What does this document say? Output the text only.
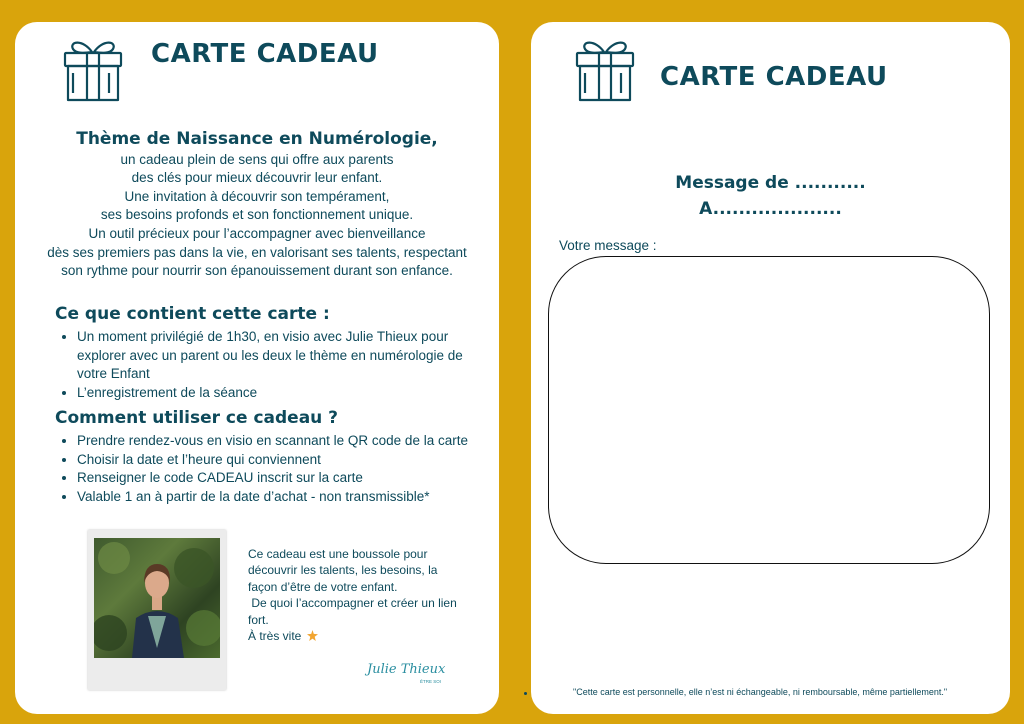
CARTE CADEAU
Thème de Naissance en Numérologie,
un cadeau plein de sens qui offre aux parents
des clés pour mieux découvrir leur enfant.
Une invitation à découvrir son tempérament,
ses besoins profonds et son fonctionnement unique.
Un outil précieux pour l’accompagner avec bienveillance
dès ses premiers pas dans la vie, en valorisant ses talents, respectant
son rythme pour nourrir son épanouissement durant son enfance.
Ce que contient cette carte :
• Un moment privilégié de 1h30, en visio avec Julie Thieux pour explorer avec un parent ou les deux le thème en numérologie de votre Enfant
• L’enregistrement de la séance
Comment utiliser ce cadeau ?
• Prendre rendez-vous en visio en scannant le QR code de la carte
• Choisir la date et l’heure qui conviennent
• Renseigner le code CADEAU inscrit sur la carte
• Valable 1 an à partir de la date d’achat - non transmissible*
Ce cadeau est une boussole pour
découvrir les talents, les besoins, la
façon d’être de votre enfant.
De quoi l’accompagner et créer un lien
fort.
À très vite
Julie Thieux
ÊTRE SOI
CARTE CADEAU
Message de ...........
A....................
Votre message :
"Cette carte est personnelle, elle n’est ni échangeable, ni remboursable, même partiellement."
